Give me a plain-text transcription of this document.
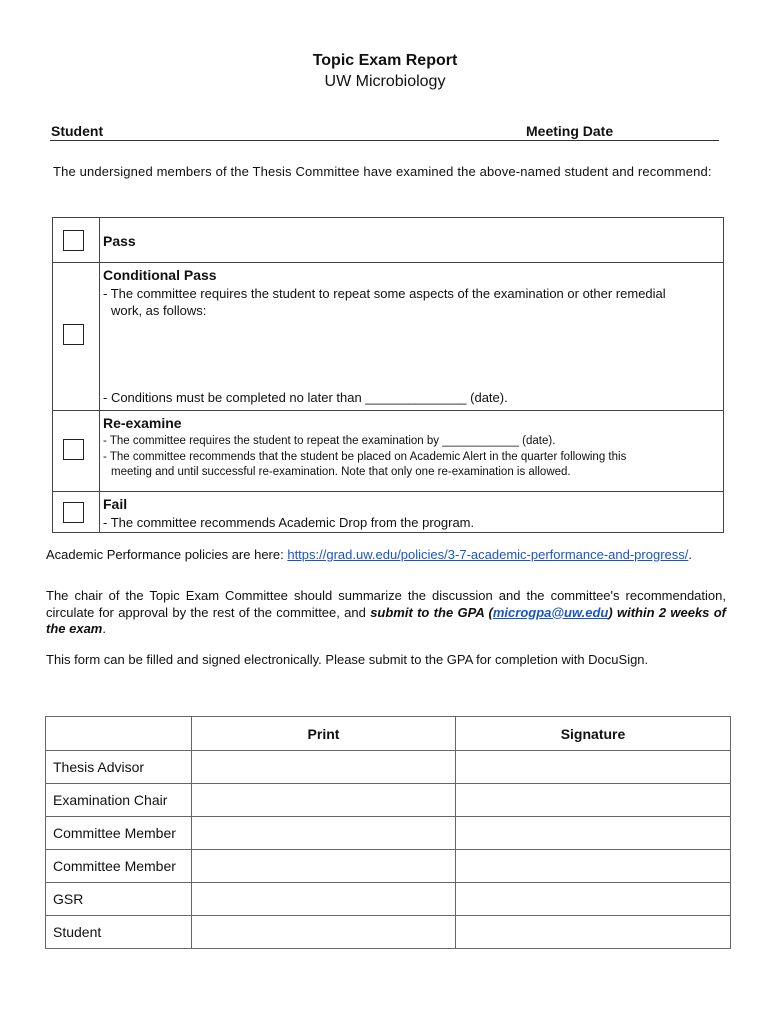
Topic Exam Report
UW Microbiology
Student	Meeting Date
The undersigned members of the Thesis Committee have examined the above-named student and recommend:
Pass
Conditional Pass
- The committee requires the student to repeat some aspects of the examination or other remedial
work, as follows:
- Conditions must be completed no later than ______________ (date).
Re-examine
- The committee requires the student to repeat the examination by ____________ (date).
- The committee recommends that the student be placed on Academic Alert in the quarter following this
meeting and until successful re-examination. Note that only one re-examination is allowed.
Fail
- The committee recommends Academic Drop from the program.
Academic Performance policies are here: https://grad.uw.edu/policies/3-7-academic-performance-and-progress/.
The chair of the Topic Exam Committee should summarize the discussion and the committee's recommendation, circulate for approval by the rest of the committee, and submit to the GPA (microgpa@uw.edu) within 2 weeks of the exam.
This form can be filled and signed electronically. Please submit to the GPA for completion with DocuSign.
	Print	Signature
Thesis Advisor		
Examination Chair		
Committee Member		
Committee Member		
GSR		
Student		
